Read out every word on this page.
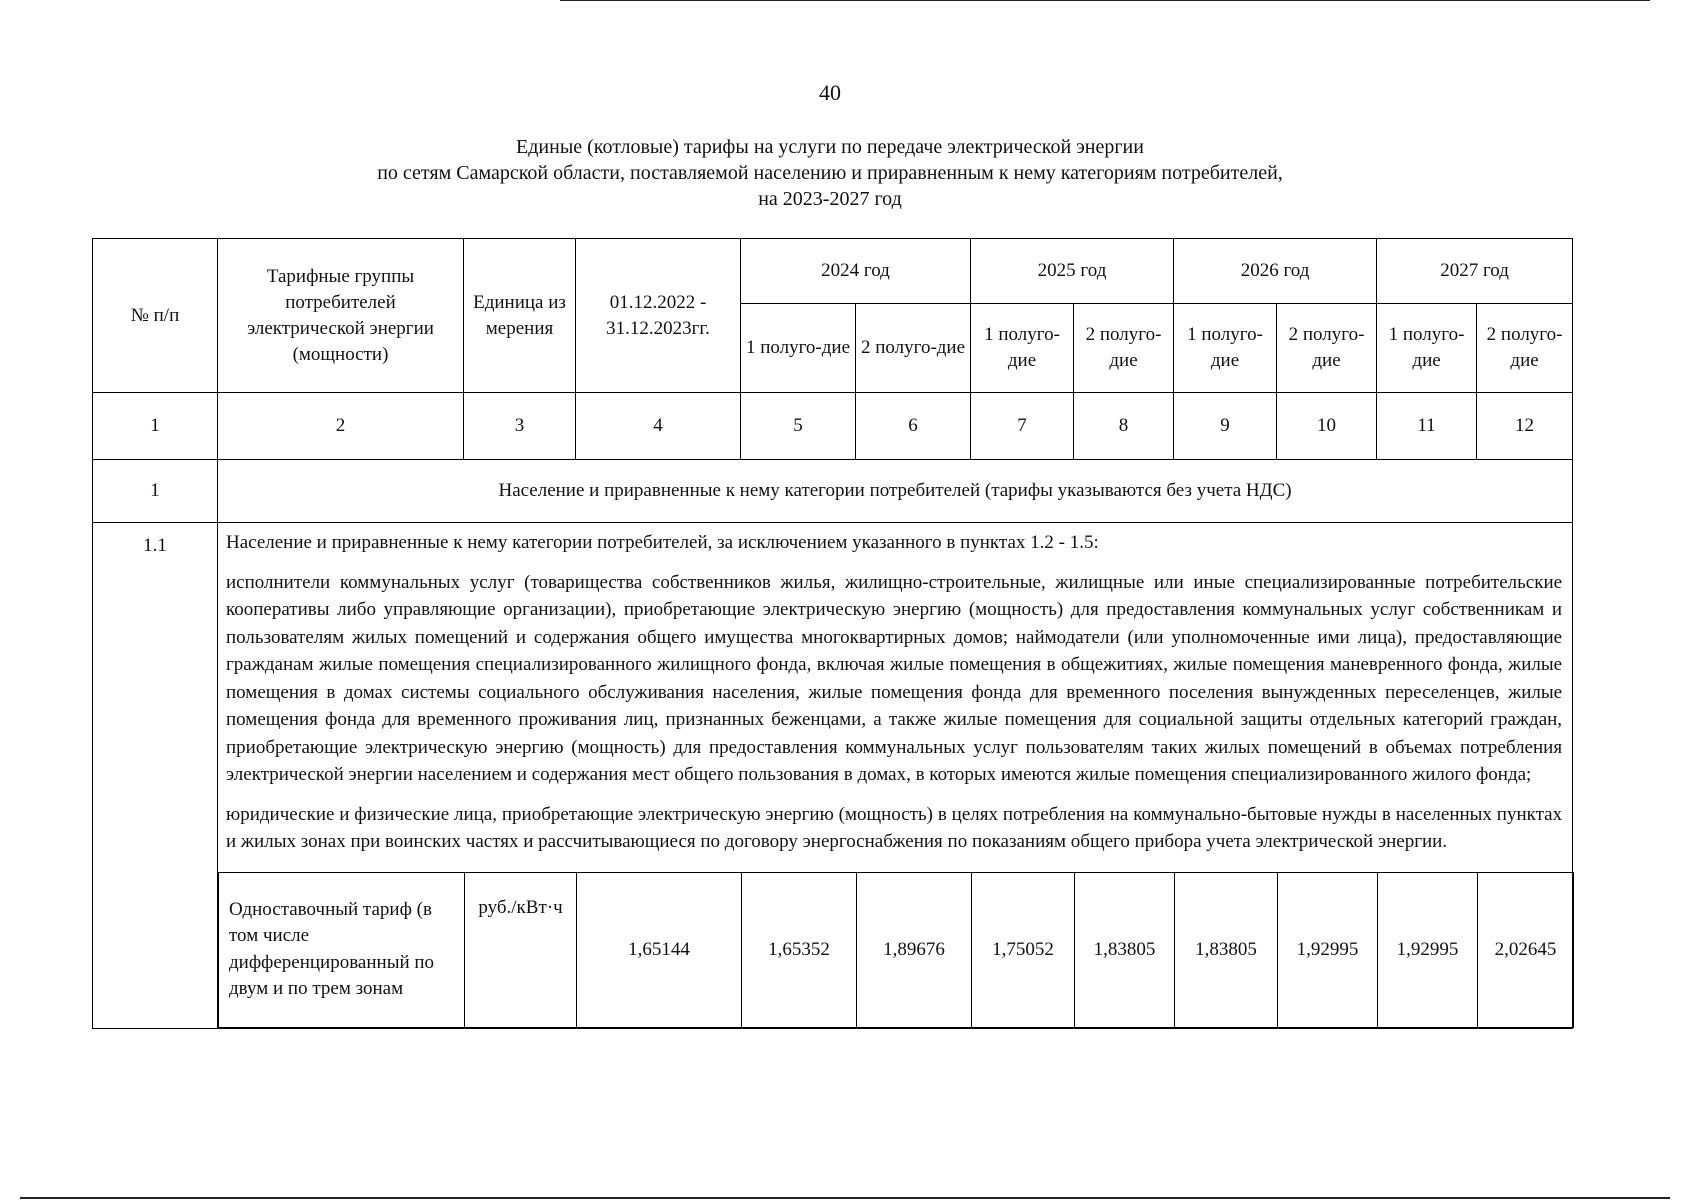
40
Единые (котловые) тарифы на услуги по передаче электрической энергии
по сетям Самарской области, поставляемой населению и приравненным к нему категориям потребителей,
на 2023-2027 год
№ п/п	Тарифные группы потребителей электрической энергии (мощности)	Единица измерения	01.12.2022 - 31.12.2023гг.	2024 год	2025 год	2026 год	2027 год
1 полуго-дие	2 полуго-дие	1 полуго-дие	2 полуго-дие	1 полуго-дие	2 полуго-дие	1 полуго-дие	2 полуго-дие
1	2	3	4	5	6	7	8	9	10	11	12
1	Население и приравненные к нему категории потребителей (тарифы указываются без учета НДС)
1.1	Население и приравненные к нему категории потребителей, за исключением указанного в пунктах 1.2 - 1.5:
исполнители коммунальных услуг (товарищества собственников жилья, жилищно-строительные, жилищные или иные специализированные потребительские кооперативы либо управляющие организации), приобретающие электрическую энергию (мощность) для предоставления коммунальных услуг собственникам и пользователям жилых помещений и содержания общего имущества многоквартирных домов; наймодатели (или уполномоченные ими лица), предоставляющие гражданам жилые помещения специализированного жилищного фонда, включая жилые помещения в общежитиях, жилые помещения маневренного фонда, жилые помещения в домах системы социального обслуживания населения, жилые помещения фонда для временного поселения вынужденных переселенцев, жилые помещения фонда для временного проживания лиц, признанных беженцами, а также жилые помещения для социальной защиты отдельных категорий граждан, приобретающие электрическую энергию (мощность) для предоставления коммунальных услуг пользователям таких жилых помещений в объемах потребления электрической энергии населением и содержания мест общего пользования в домах, в которых имеются жилые помещения специализированного жилого фонда;
юридические и физические лица, приобретающие электрическую энергию (мощность) в целях потребления на коммунально-бытовые нужды в населенных пунктах и жилых зонах при воинских частях и рассчитывающиеся по договору энергоснабжения по показаниям общего прибора учета электрической энергии.
Одноставочный тариф (в том числе дифференцированный по двум и по трем зонам	руб./кВт·ч	1,65144	1,65352	1,89676	1,75052	1,83805	1,83805	1,92995	1,92995	2,02645
